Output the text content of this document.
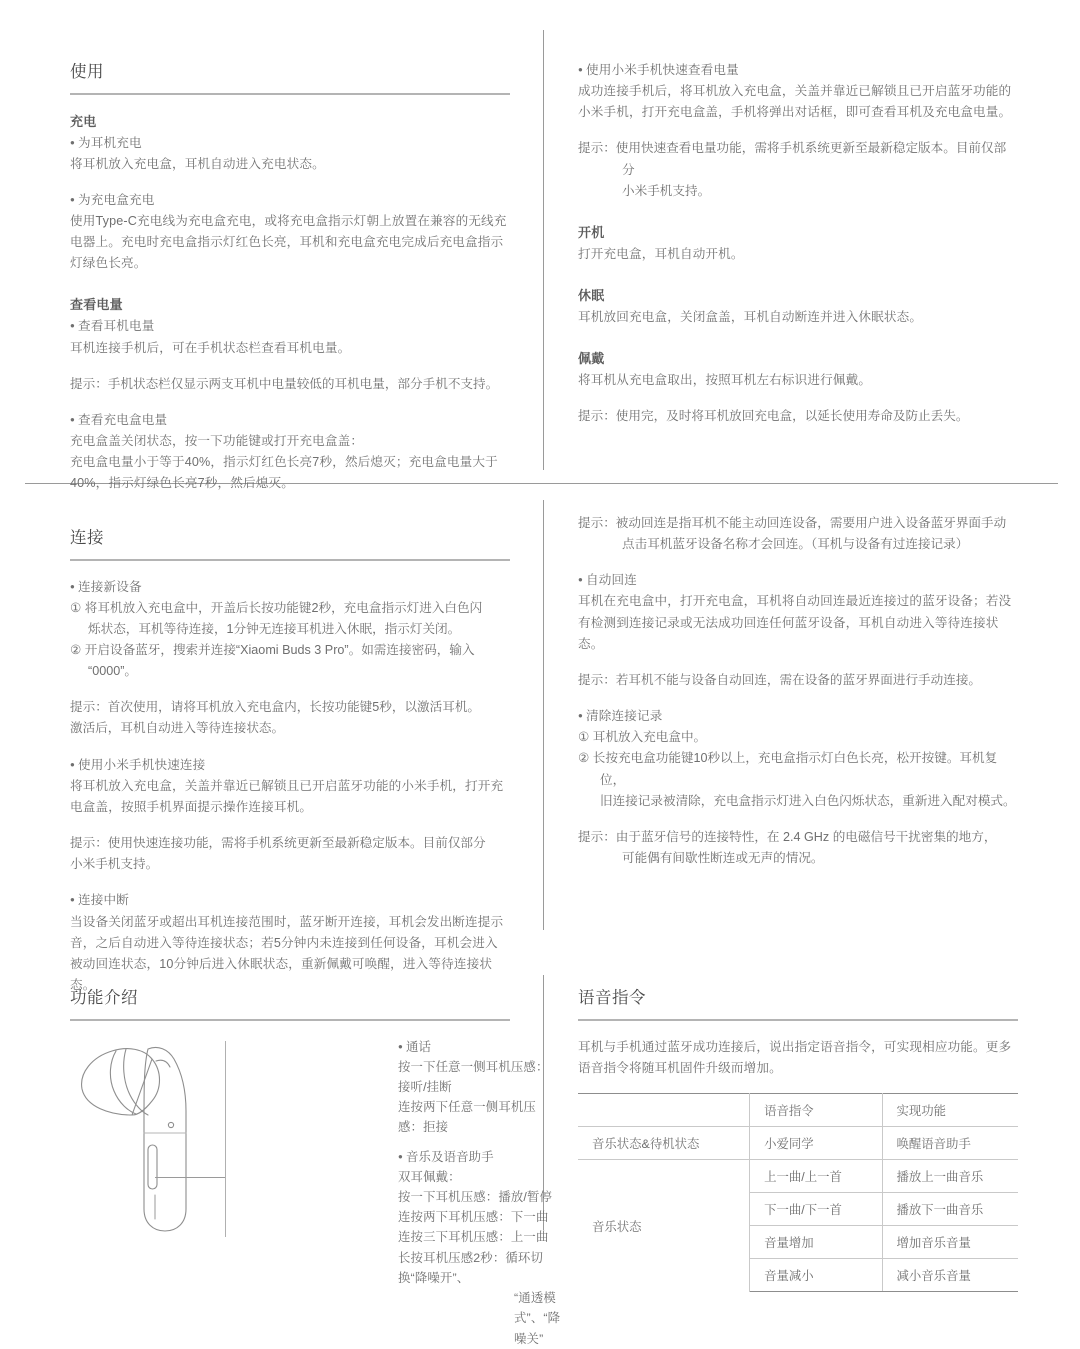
使用
充电

● 为耳机充电

将耳机放入充电盒，耳机自动进入充电状态。

● 为充电盒充电

使用Type-C充电线为充电盒充电，或将充电盒指示灯朝上放置在兼容的无线充电器上。充电时充电盒指示灯红色长亮，耳机和充电盒充电完成后充电盒指示灯绿色长亮。

查看电量

● 查看耳机电量

耳机连接手机后，可在手机状态栏查看耳机电量。

提示：手机状态栏仅显示两支耳机中电量较低的耳机电量，部分手机不支持。

● 查看充电盒电量

充电盒盖关闭状态，按一下功能键或打开充电盒盖：

充电盒电量小于等于40%，指示灯红色长亮7秒，然后熄灭；充电盒电量大于40%，指示灯绿色长亮7秒，然后熄灭。

连接

● 连接新设备

① 将耳机放入充电盒中，开盖后长按功能键2秒，充电盒指示灯进入白色闪
烁状态，耳机等待连接，1分钟无连接耳机进入休眠，指示灯关闭。
② 开启设备蓝牙，搜索并连接“Xiaomi Buds 3 Pro”。如需连接密码，输入
“0000”。
提示：首次使用，请将耳机放入充电盒内，长按功能键5秒，以激活耳机。
激活后，耳机自动进入等待连接状态。

● 使用小米手机快速连接

将耳机放入充电盒，关盖并靠近已解锁且已开启蓝牙功能的小米手机，打开充电盒盖，按照手机界面提示操作连接耳机。

提示：使用快速连接功能，需将手机系统更新至最新稳定版本。目前仅部分
小米手机支持。

● 连接中断

当设备关闭蓝牙或超出耳机连接范围时，蓝牙断开连接，耳机会发出断连提示音，之后自动进入等待连接状态；若5分钟内未连接到任何设备，耳机会进入被动回连状态，10分钟后进入休眠状态，重新佩戴可唤醒，进入等待连接状态。

功能介绍

● 通话

按一下任意一侧耳机压感：接听/挂断

连按两下任意一侧耳机压感：拒接

● 音乐及语音助手

双耳佩戴：

按一下耳机压感：播放/暂停

连按两下耳机压感：下一曲

连按三下耳机压感：上一曲

长按耳机压感2秒：循环切换“降噪开”、

“通透模式”、“降噪关”

● 使用小米手机快速查看电量

成功连接手机后，将耳机放入充电盒，关盖并靠近已解锁且已开启蓝牙功能的小米手机，打开充电盒盖，手机将弹出对话框，即可查看耳机及充电盒电量。

提示：使用快速查看电量功能，需将手机系统更新至最新稳定版本。目前仅部分
小米手机支持。
开机

打开充电盒，耳机自动开机。

休眠

耳机放回充电盒，关闭盒盖，耳机自动断连并进入休眠状态。

佩戴

将耳机从充电盒取出，按照耳机左右标识进行佩戴。

提示：使用完，及时将耳机放回充电盒，以延长使用寿命及防止丢失。
提示：被动回连是指耳机不能主动回连设备，需要用户进入设备蓝牙界面手动
点击耳机蓝牙设备名称才会回连。（耳机与设备有过连接记录）

● 自动回连

耳机在充电盒中，打开充电盒，耳机将自动回连最近连接过的蓝牙设备；若没有检测到连接记录或无法成功回连任何蓝牙设备，耳机自动进入等待连接状态。

提示：若耳机不能与设备自动回连，需在设备的蓝牙界面进行手动连接。

● 清除连接记录

① 耳机放入充电盒中。
② 长按充电盒功能键10秒以上，充电盒指示灯白色长亮，松开按键。耳机复位，
旧连接记录被清除，充电盒指示灯进入白色闪烁状态，重新进入配对模式。
提示：由于蓝牙信号的连接特性，在 2.4 GHz 的电磁信号干扰密集的地方，
可能偶有间歇性断连或无声的情况。
语音指令

耳机与手机通过蓝牙成功连接后，说出指定语音指令，可实现相应功能。更多语音指令将随耳机固件升级而增加。

	语音指令	实现功能
音乐状态&待机状态	小爱同学	唤醒语音助手
音乐状态	上一曲/上一首	播放上一曲音乐
	下一曲/下一首	播放下一曲音乐
	音量增加	增加音乐音量
	音量减小	减小音乐音量
